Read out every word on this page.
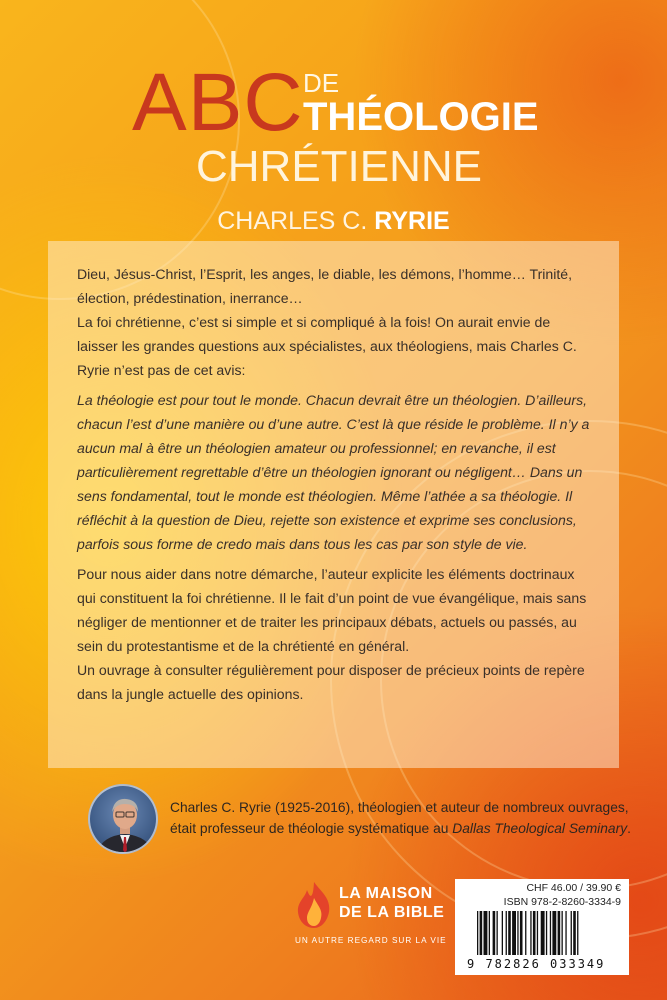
ABC DE
THÉOLOGIE
CHRÉTIENNE
CHARLES C. RYRIE

Dieu, Jésus-Christ, l’Esprit, les anges, le diable, les démons, l’homme… Trinité, élection, prédestination, inerrance…

La foi chrétienne, c’est si simple et si compliqué à la fois! On aurait envie de laisser les grandes questions aux spécialistes, aux théologiens, mais Charles C. Ryrie n’est pas de cet avis:

La théologie est pour tout le monde. Chacun devrait être un théologien. D’ailleurs, chacun l’est d’une manière ou d’une autre. C’est là que réside le problème. Il n’y a aucun mal à être un théologien amateur ou professionnel; en revanche, il est particulièrement regrettable d’être un théologien ignorant ou négligent… Dans un sens fondamental, tout le monde est théologien. Même l’athée a sa théologie. Il réfléchit à la question de Dieu, rejette son existence et exprime ses conclusions, parfois sous forme de credo mais dans tous les cas par son style de vie.

Pour nous aider dans notre démarche, l’auteur explicite les éléments doctrinaux qui constituent la foi chrétienne. Il le fait d’un point de vue évangélique, mais sans négliger de mentionner et de traiter les principaux débats, actuels ou passés, au sein du protestantisme et de la chrétienté en général.

Un ouvrage à consulter régulièrement pour disposer de précieux points de repère dans la jungle actuelle des opinions.

Charles C. Ryrie (1925-2016), théologien et auteur de nombreux ouvrages, était professeur de théologie systématique au Dallas Theological Seminary.
LA MAISON
DE LA BIBLE
UN AUTRE REGARD SUR LA VIE
CHF 46.00 / 39.90 €
ISBN 978-2-8260-3334-9
9 782826 033349
